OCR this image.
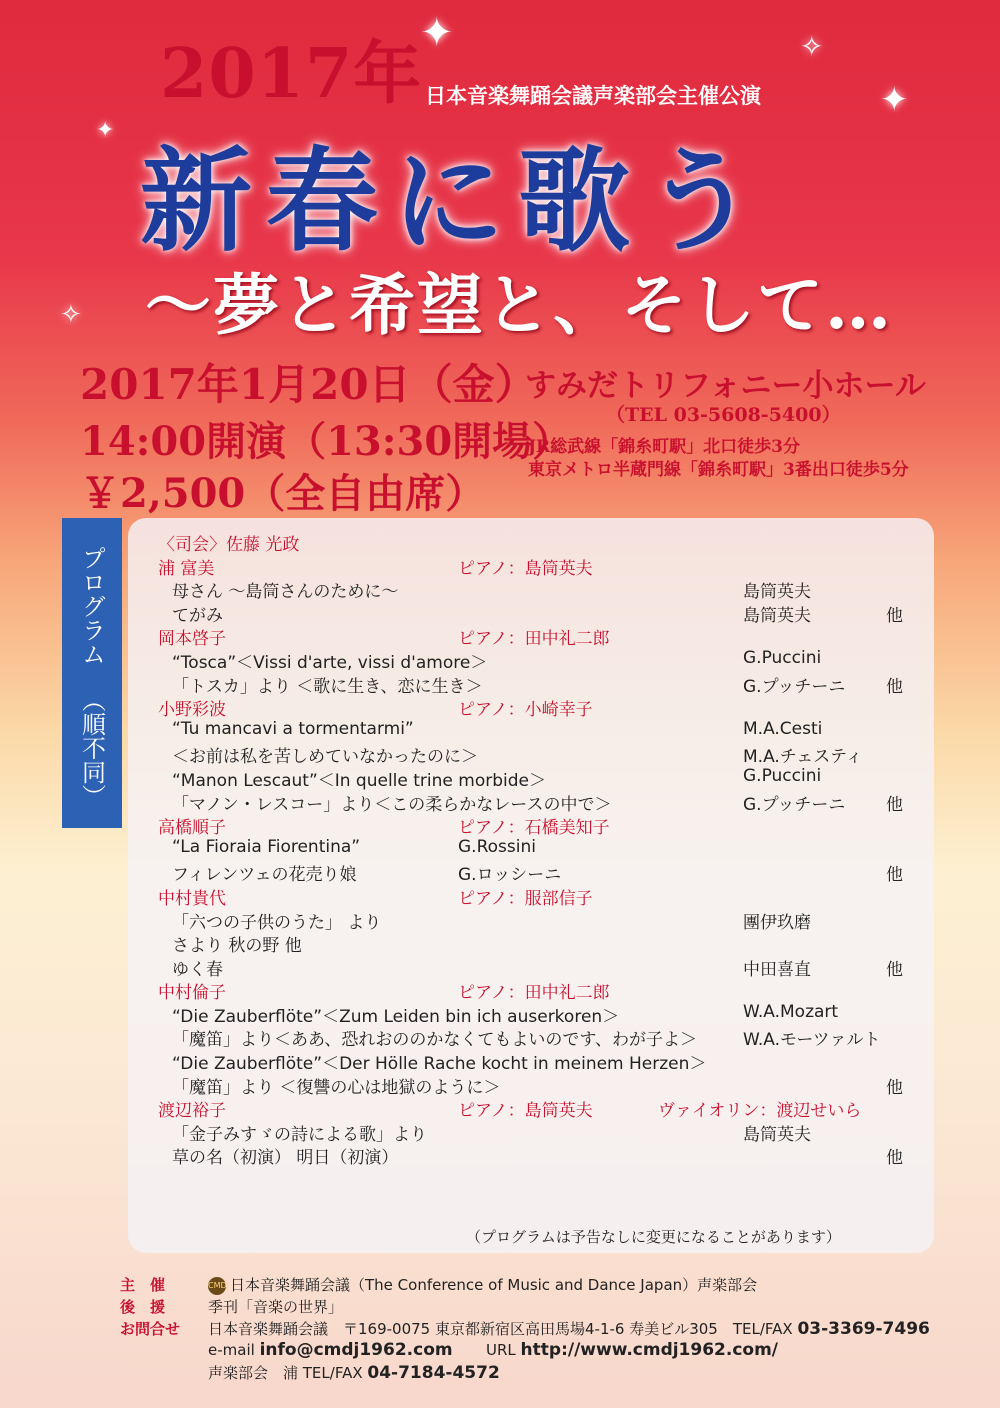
✦
✦
✦
✧
✧
2017年 日本音楽舞踊会議声楽部会主催公演
新春に歌う
～夢と希望と、そして…
2017年1月20日（金）
14:00開演（13:30開場）
￥2,500（全自由席）
すみだトリフォニー小ホール
（TEL 03-5608-5400）
JR総武線「錦糸町駅」北口徒歩3分
東京メトロ半蔵門線「錦糸町駅」3番出口徒歩5分
プログラム
（順不同）
〈司会〉佐藤 光政
浦 富美	ピアノ：島筒英夫
母さん ～島筒さんのために～	島筒英夫
てがみ	島筒英夫	他
岡本啓子	ピアノ：田中礼二郎
“Tosca”＜Vissi d'arte, vissi d'amore＞	G.Puccini
「トスカ」より ＜歌に生き、恋に生き＞	G.プッチーニ 他
小野彩波	ピアノ：小崎幸子
“Tu mancavi a tormentarmi”	M.A.Cesti
＜お前は私を苦しめていなかったのに＞	M.A.チェスティ
“Manon Lescaut”＜In quelle trine morbide＞	G.Puccini
「マノン・レスコー」より＜この柔らかなレースの中で＞	G.プッチーニ 他
高橋順子	ピアノ：石橋美知子
“La Fioraia Fiorentina”	G.Rossini
フィレンツェの花売り娘	G.ロッシーニ	他
中村貴代	ピアノ：服部信子
「六つの子供のうた」 より	團伊玖磨
さより 秋の野 他
ゆく春	中田喜直	他
中村倫子	ピアノ：田中礼二郎
“Die Zauberflöte”＜Zum Leiden bin ich auserkoren＞	W.A.Mozart
「魔笛」より＜ああ、恐れおののかなくてもよいのです、わが子よ＞	W.A.モーツァルト
“Die Zauberflöte”＜Der Hölle Rache kocht in meinem Herzen＞
「魔笛」より ＜復讐の心は地獄のように＞	他
渡辺裕子	ピアノ：島筒英夫	ヴァイオリン：渡辺せいら
「金子みすゞの詩による歌」より	島筒英夫
草の名（初演） 明日（初演）	他
（プログラムは予告なしに変更になることがあります）
主　催	CMDJ日本音楽舞踊会議（The Conference of Music and Dance Japan）声楽部会
後　援	季刊「音楽の世界」
お問合せ 日本音楽舞踊会議　〒169-0075 東京都新宿区高田馬場4-1-6 寿美ビル305　TEL/FAX 03-3369-7496
e-mail info@cmdj1962.com URL http://www.cmdj1962.com/
声楽部会　浦 TEL/FAX 04-7184-4572
